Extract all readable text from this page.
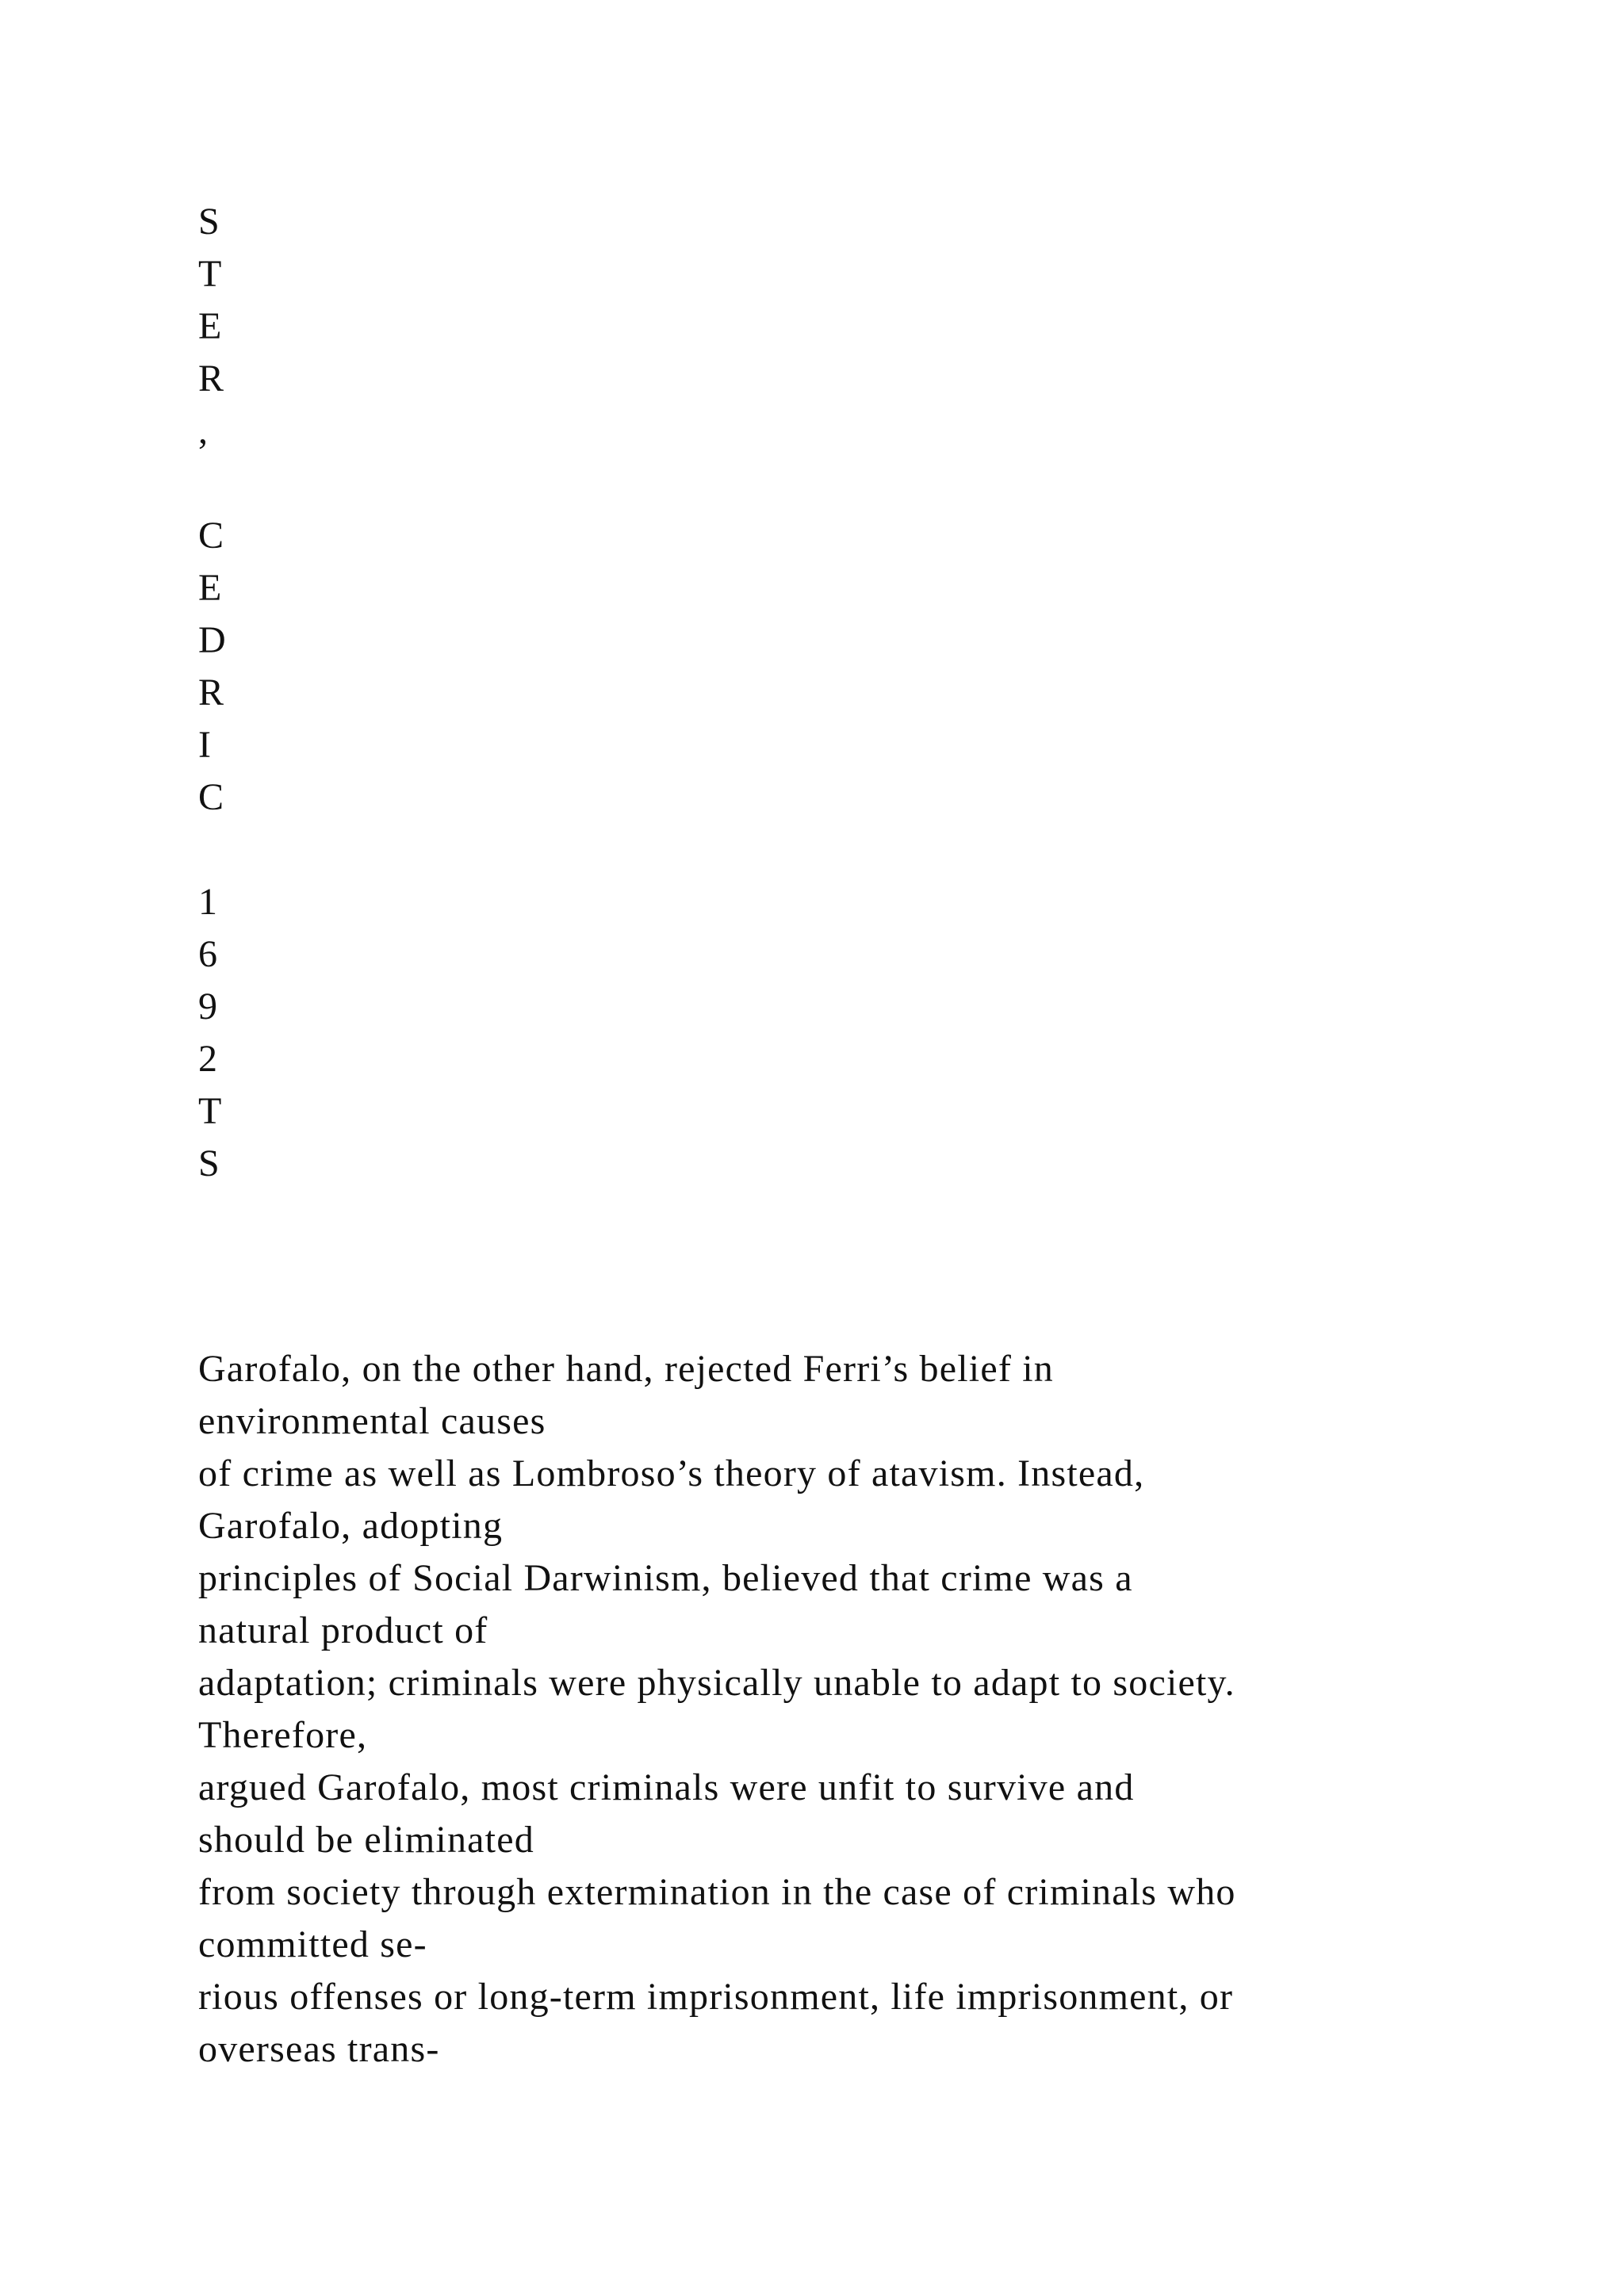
S
T
E
R
,
C
E
D
R
I
C
1
6
9
2
T
S
Garofalo, on the other hand, rejected Ferri’s belief in
environmental causes
of crime as well as Lombroso’s theory of atavism. Instead,
Garofalo, adopting
principles of Social Darwinism, believed that crime was a
natural product of
adaptation; criminals were physically unable to adapt to society.
Therefore,
argued Garofalo, most criminals were unfit to survive and
should be eliminated
from society through extermination in the case of criminals who
committed se-
rious offenses or long-term imprisonment, life imprisonment, or
overseas trans-
